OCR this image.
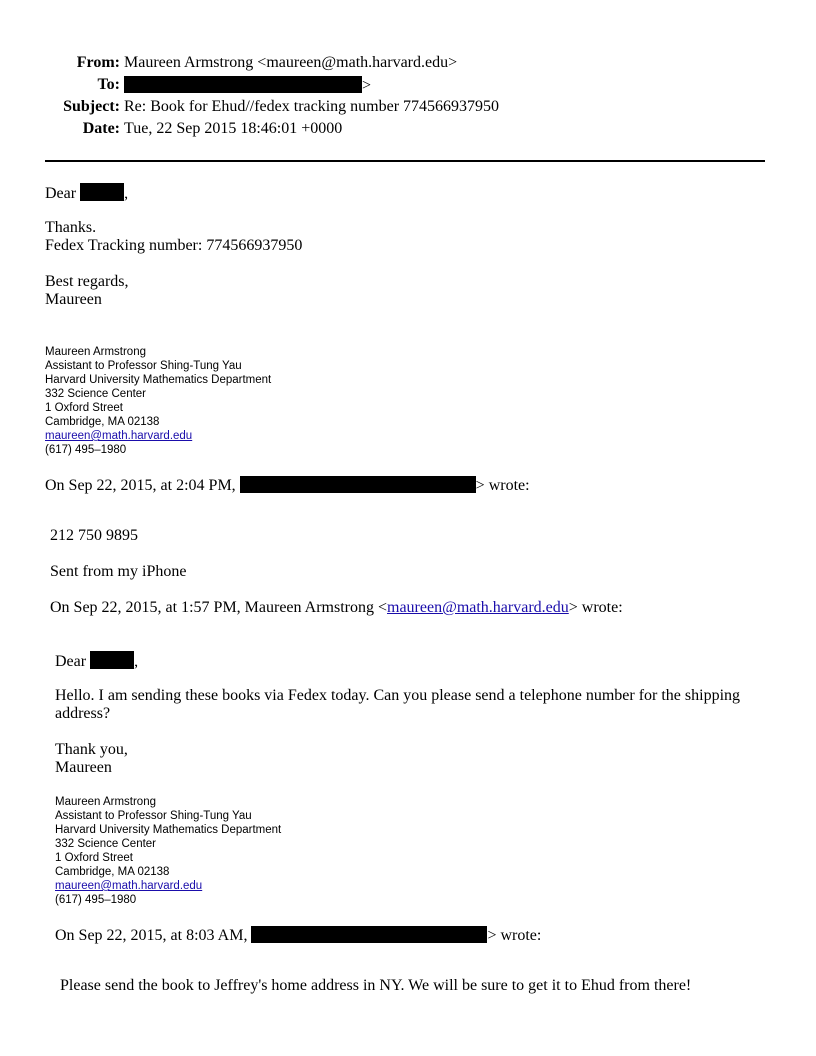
From: Maureen Armstrong <maureen@math.harvard.edu>
To:	>
Subject: Re: Book for Ehud//fedex tracking number 774566937950
Date: Tue, 22 Sep 2015 18:46:01 +0000
Dear	,
Thanks.
Fedex Tracking number: 774566937950
Best regards,
Maureen
Maureen Armstrong
Assistant to Professor Shing-Tung Yau
Harvard University Mathematics Department
332 Science Center
1 Oxford Street
Cambridge, MA 02138
maureen@math.harvard.edu
(617) 495–1980
On Sep 22, 2015, at 2:04 PM,	> wrote:
212 750 9895
Sent from my iPhone
On Sep 22, 2015, at 1:57 PM, Maureen Armstrong <maureen@math.harvard.edu> wrote:
Dear	,
Hello. I am sending these books via Fedex today. Can you please send a telephone number for the shipping address?
Thank you,
Maureen
Maureen Armstrong
Assistant to Professor Shing-Tung Yau
Harvard University Mathematics Department
332 Science Center
1 Oxford Street
Cambridge, MA 02138
maureen@math.harvard.edu
(617) 495–1980
On Sep 22, 2015, at 8:03 AM,	> wrote:
Please send the book to Jeffrey's home address in NY. We will be sure to get it to Ehud from there!
